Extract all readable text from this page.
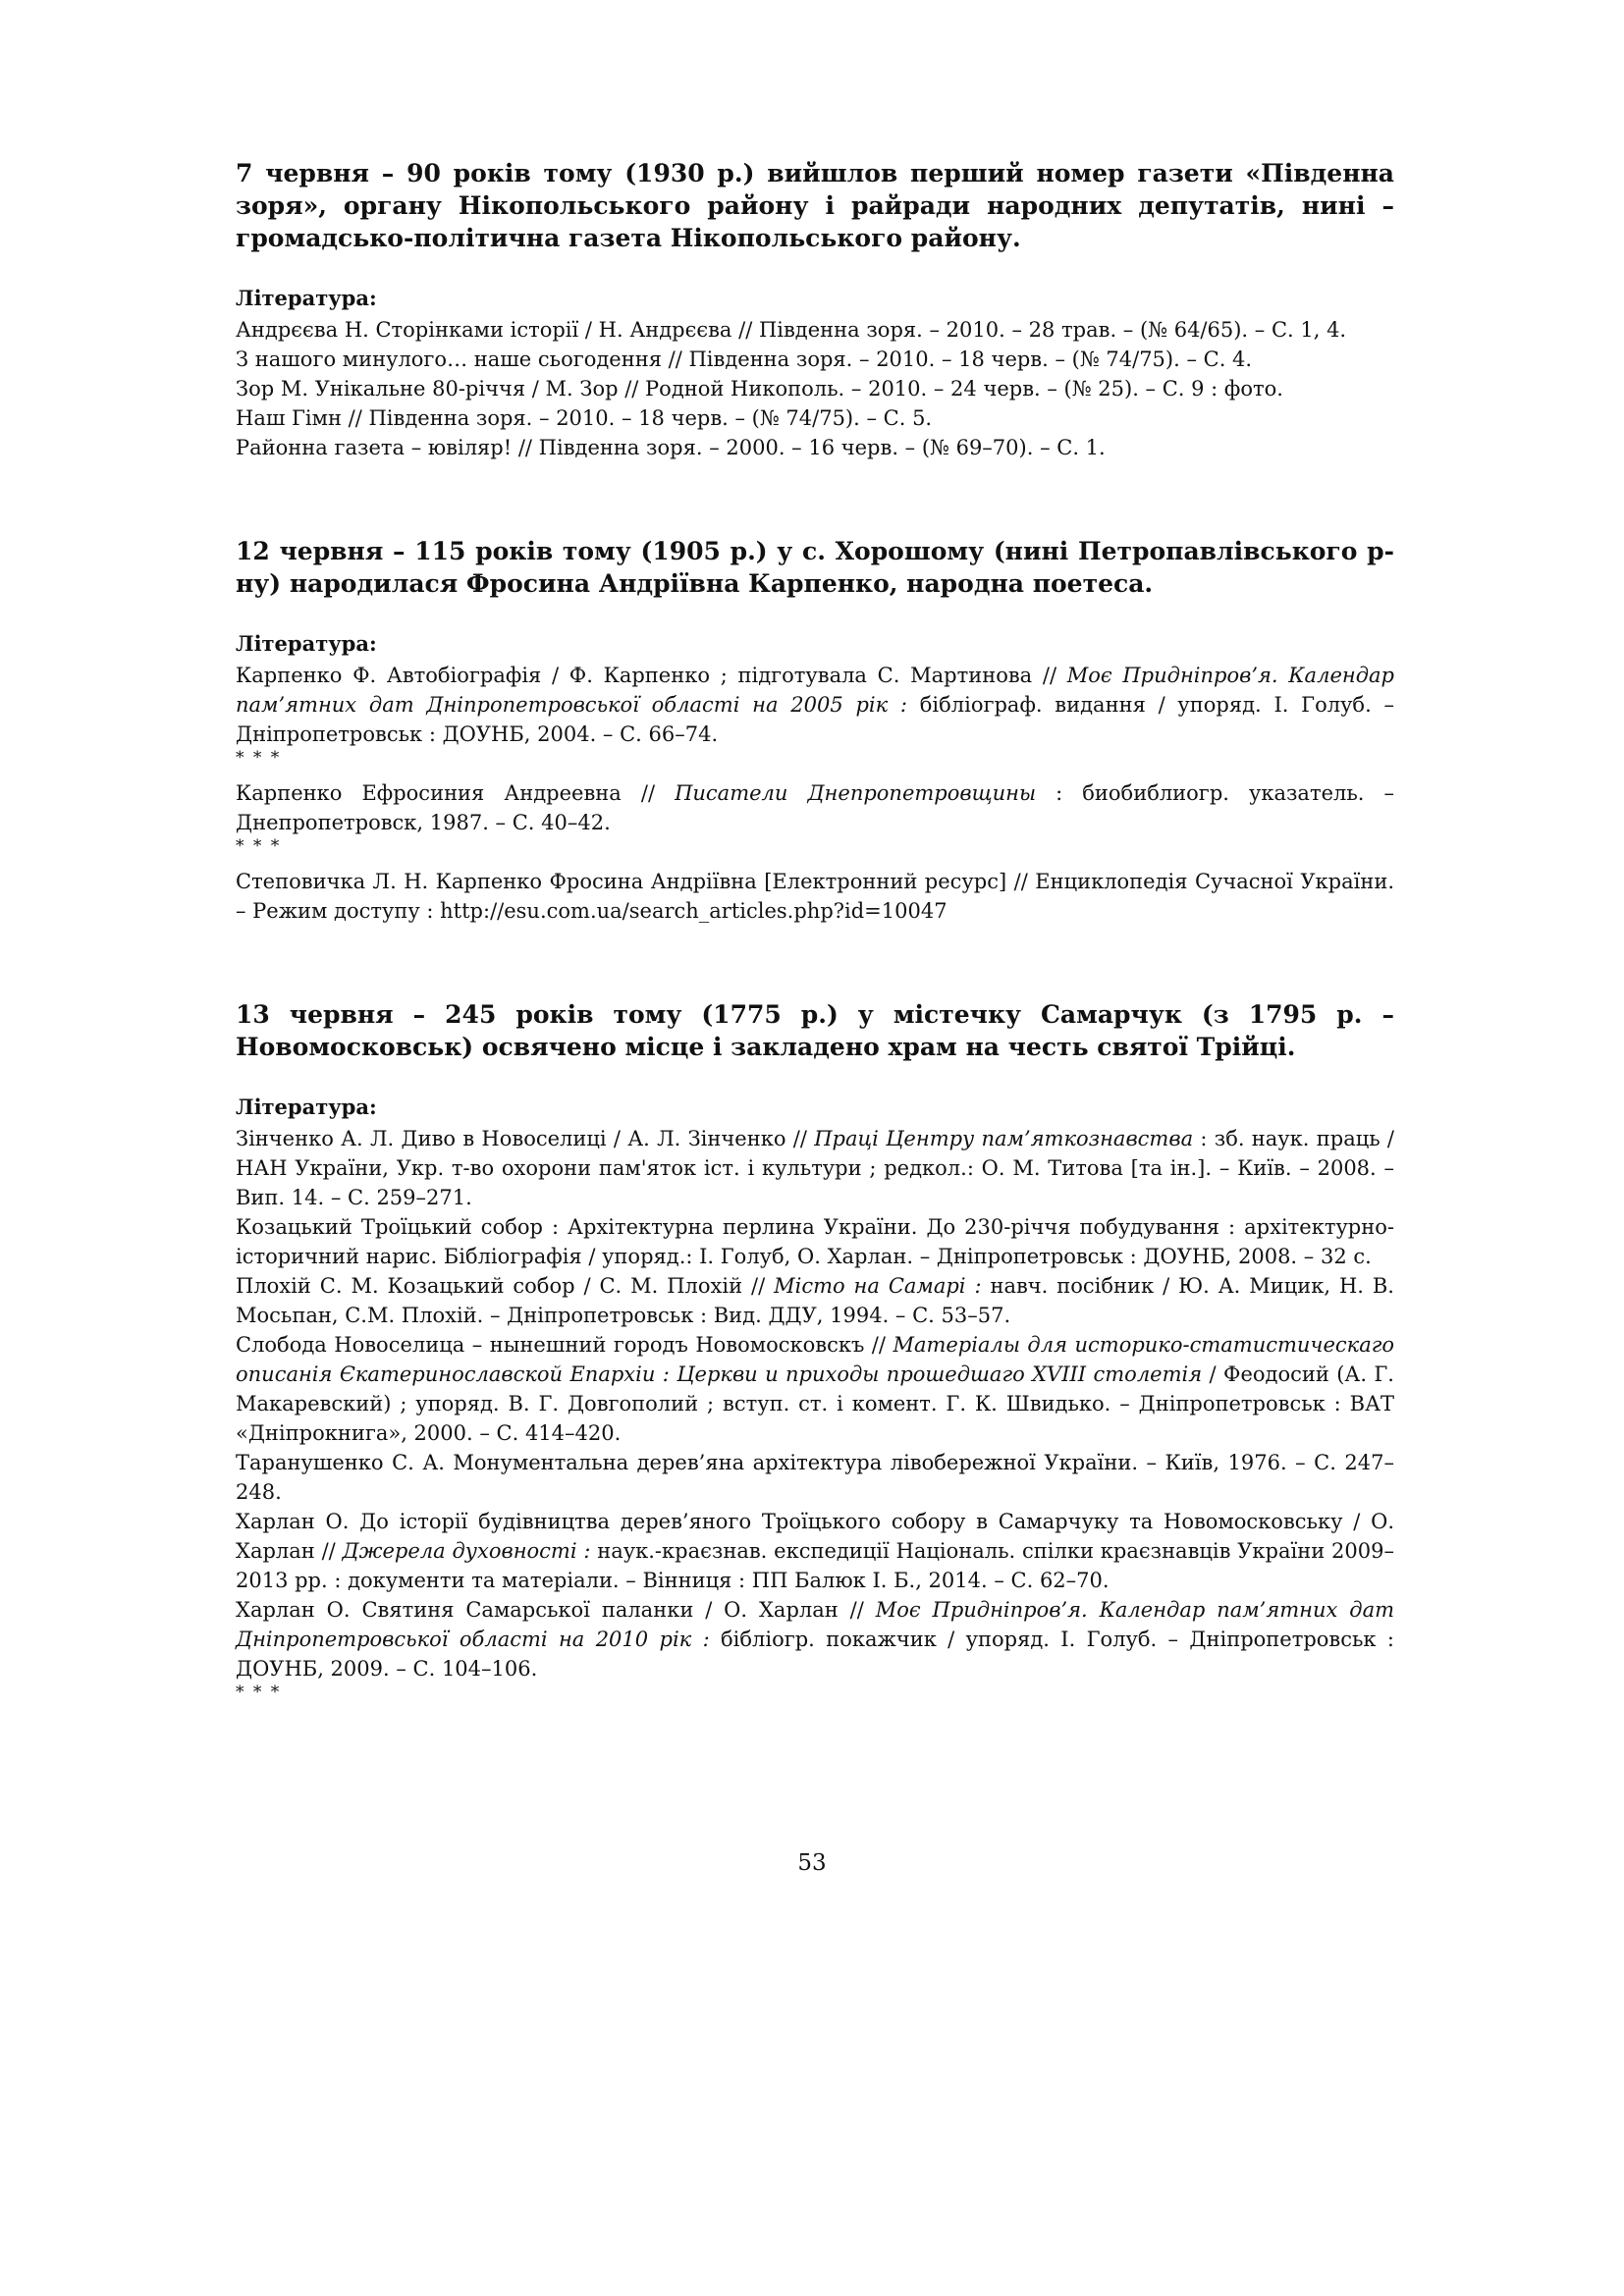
7 червня – 90 років тому (1930 р.) вийшлов перший номер газети «Південна зоря», органу Нікопольського району і райради народних депутатів, нині – громадсько-політична газета Нікопольського району.

Література:

Андрєєва Н. Сторінками історії / Н. Андрєєва // Південна зоря. – 2010. – 28 трав. – (№ 64/65). – С. 1, 4.

З нашого минулого… наше сьогодення // Південна зоря. – 2010. – 18 черв. – (№ 74/75). – С. 4.

Зор М. Унікальне 80-річчя / М. Зор // Родной Никополь. – 2010. – 24 черв. – (№ 25). – С. 9 : фото.

Наш Гімн // Південна зоря. – 2010. – 18 черв. – (№ 74/75). – С. 5.

Районна газета – ювіляр! // Південна зоря. – 2000. – 16 черв. – (№ 69–70). – С. 1.

12 червня – 115 років тому (1905 р.) у с. Хорошому (нині Петропавлівського р-ну) народилася Фросина Андріївна Карпенко, народна поетеса.

Література:

Карпенко Ф. Автобіографія / Ф. Карпенко ; підготувала С. Мартинова // Моє Придніпров’я. Календар пам’ятних дат Дніпропетровської області на 2005 рік : бібліограф. видання / упоряд. І. Голуб. – Дніпропетровськ : ДОУНБ, 2004. – С. 66–74.

* * *

Карпенко Ефросиния Андреевна // Писатели Днепропетровщины : биобиблиогр. указатель. – Днепропетровск, 1987. – С. 40–42.

* * *

Степовичка Л. Н. Карпенко Фросина Андріївна [Електронний ресурс] // Енциклопедія Сучасної України. – Режим доступу : http://esu.com.ua/search_articles.php?id=10047

13 червня – 245 років тому (1775 р.) у містечку Самарчук (з 1795 р. – Новомосковськ) освячено місце і закладено храм на честь святої Трійці.

Література:

Зінченко А. Л. Диво в Новоселиці / А. Л. Зінченко // Праці Центру пам’яткознавства : зб. наук. праць / НАН України, Укр. т-во охорони пам'яток іст. і культури ; редкол.: О. М. Титова [та ін.]. – Київ. – 2008. – Вип. 14. – С. 259–271.

Козацький Троїцький собор : Архітектурна перлина України. До 230-річчя побудування : архітектурно-історичний нарис. Бібліографія / упоряд.: І. Голуб, О. Харлан. – Дніпропетровськ : ДОУНБ, 2008. – 32 с.

Плохій С. М. Козацький собор / С. М. Плохій // Місто на Самарі : навч. посібник / Ю. А. Мицик, Н. В. Мосьпан, С.М. Плохій. – Дніпропетровськ : Вид. ДДУ, 1994. – С. 53–57.

Слобода Новоселица – нынешний городъ Новомосковскъ // Матеріалы для историко-статистическаго описанія Єкатеринославской Епархіи : Церкви и приходы прошедшаго XVIII столетія / Феодосий (А. Г. Макаревский) ; упоряд. В. Г. Довгополий ; вступ. ст. і комент. Г. К. Швидько. – Дніпропетровськ : ВАТ «Дніпрокнига», 2000. – С. 414–420.

Таранушенко С. А. Монументальна дерев’яна архітектура лівобережної України. – Київ, 1976. – С. 247–248.

Харлан О. До історії будівництва дерев’яного Троїцького собору в Самарчуку та Новомосковську / О. Харлан // Джерела духовності : наук.-краєзнав. експедиції Національ. спілки краєзнавців України 2009–2013 рр. : документи та матеріали. – Вінниця : ПП Балюк І. Б., 2014. – С. 62–70.

Харлан О. Святиня Самарської паланки / О. Харлан // Моє Придніпров’я. Календар пам’ятних дат Дніпропетровської області на 2010 рік : бібліогр. покажчик / упоряд. І. Голуб. – Дніпропетровськ : ДОУНБ, 2009. – С. 104–106.

* * *

53
